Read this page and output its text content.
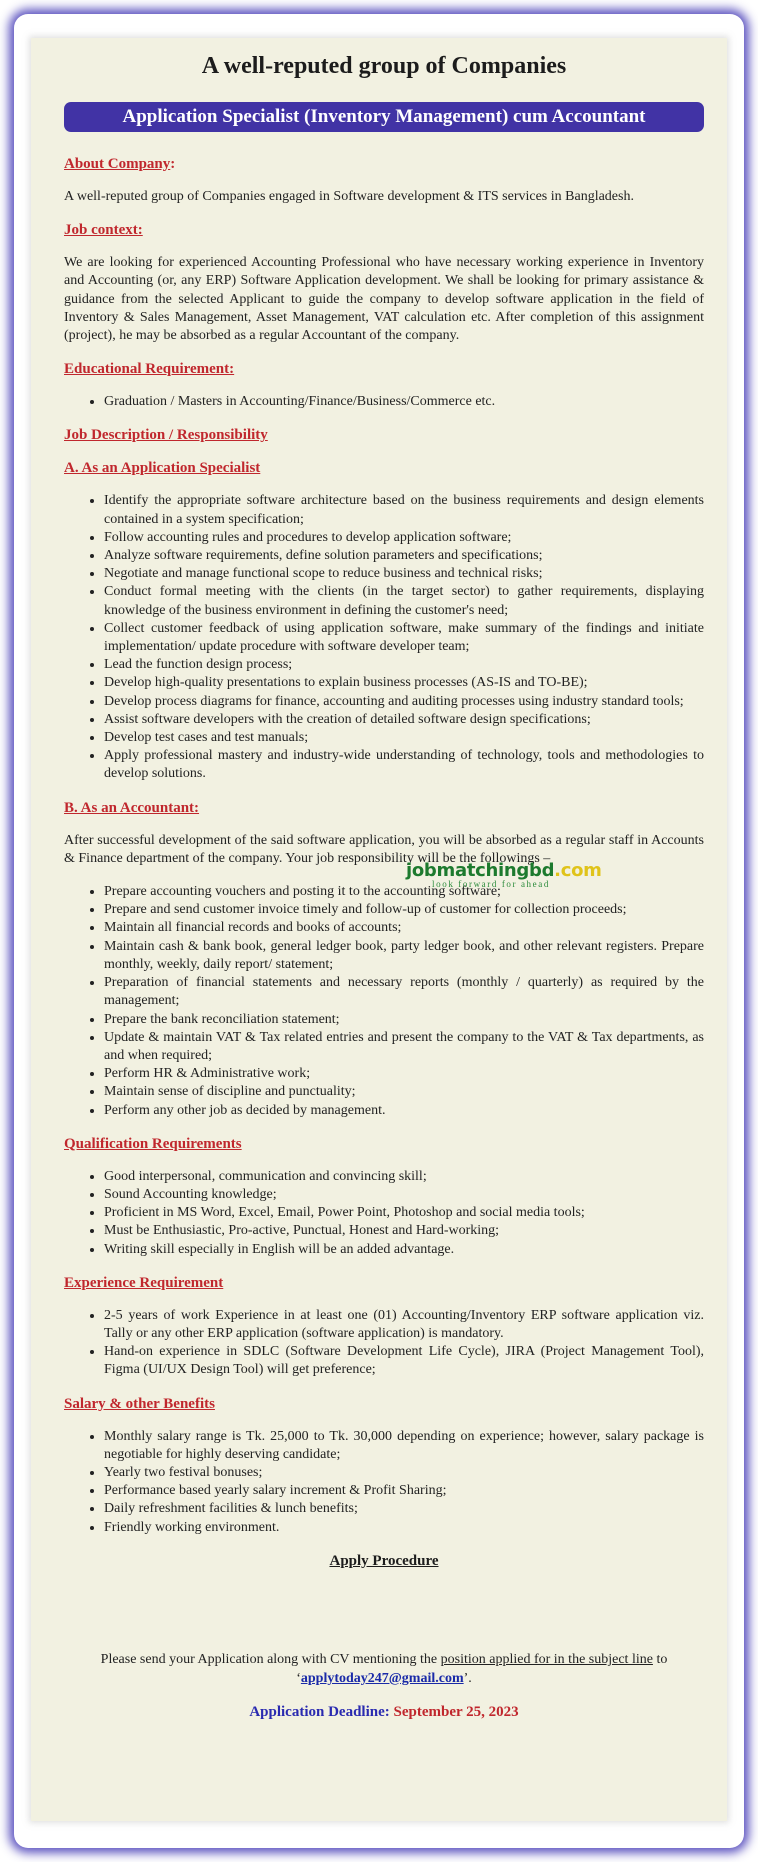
A well-reputed group of Companies
Application Specialist (Inventory Management) cum Accountant
About Company:

A well-reputed group of Companies engaged in Software development & ITS services in Bangladesh.

Job context:

We are looking for experienced Accounting Professional who have necessary working experience in Inventory and Accounting (or, any ERP) Software Application development. We shall be looking for primary assistance & guidance from the selected Applicant to guide the company to develop software application in the field of Inventory & Sales Management, Asset Management, VAT calculation etc. After completion of this assignment (project), he may be absorbed as a regular Accountant of the company.

Educational Requirement:
• Graduation / Masters in Accounting/Finance/Business/Commerce etc.
Job Description / Responsibility
A. As an Application Specialist
• Identify the appropriate software architecture based on the business requirements and design elements contained in a system specification;
• Follow accounting rules and procedures to develop application software;
• Analyze software requirements, define solution parameters and specifications;
• Negotiate and manage functional scope to reduce business and technical risks;
• Conduct formal meeting with the clients (in the target sector) to gather requirements, displaying knowledge of the business environment in defining the customer's need;
• Collect customer feedback of using application software, make summary of the findings and initiate implementation/ update procedure with software developer team;
• Lead the function design process;
• Develop high-quality presentations to explain business processes (AS-IS and TO-BE);
• Develop process diagrams for finance, accounting and auditing processes using industry standard tools;
• Assist software developers with the creation of detailed software design specifications;
• Develop test cases and test manuals;
• Apply professional mastery and industry-wide understanding of technology, tools and methodologies to develop solutions.
B. As an Accountant:

After successful development of the said software application, you will be absorbed as a regular staff in Accounts & Finance department of the company. Your job responsibility will be the followings –

• Prepare accounting vouchers and posting it to the accounting software;
• Prepare and send customer invoice timely and follow-up of customer for collection proceeds;
• Maintain all financial records and books of accounts;
• Maintain cash & bank book, general ledger book, party ledger book, and other relevant registers. Prepare monthly, weekly, daily report/ statement;
• Preparation of financial statements and necessary reports (monthly / quarterly) as required by the management;
• Prepare the bank reconciliation statement;
• Update & maintain VAT & Tax related entries and present the company to the VAT & Tax departments, as and when required;
• Perform HR & Administrative work;
• Maintain sense of discipline and punctuality;
• Perform any other job as decided by management.
Qualification Requirements
• Good interpersonal, communication and convincing skill;
• Sound Accounting knowledge;
• Proficient in MS Word, Excel, Email, Power Point, Photoshop and social media tools;
• Must be Enthusiastic, Pro-active, Punctual, Honest and Hard-working;
• Writing skill especially in English will be an added advantage.
Experience Requirement
• 2-5 years of work Experience in at least one (01) Accounting/Inventory ERP software application viz. Tally or any other ERP application (software application) is mandatory.
• Hand-on experience in SDLC (Software Development Life Cycle), JIRA (Project Management Tool), Figma (UI/UX Design Tool) will get preference;
Salary & other Benefits
• Monthly salary range is Tk. 25,000 to Tk. 30,000 depending on experience; however, salary package is negotiable for highly deserving candidate;
• Yearly two festival bonuses;
• Performance based yearly salary increment & Profit Sharing;
• Daily refreshment facilities & lunch benefits;
• Friendly working environment.
Apply Procedure
Please send your Application along with CV mentioning the position applied for in the subject line to
‘applytoday247@gmail.com’.
Application Deadline: September 25, 2023
jobmatchingbd.com
look forward for ahead
